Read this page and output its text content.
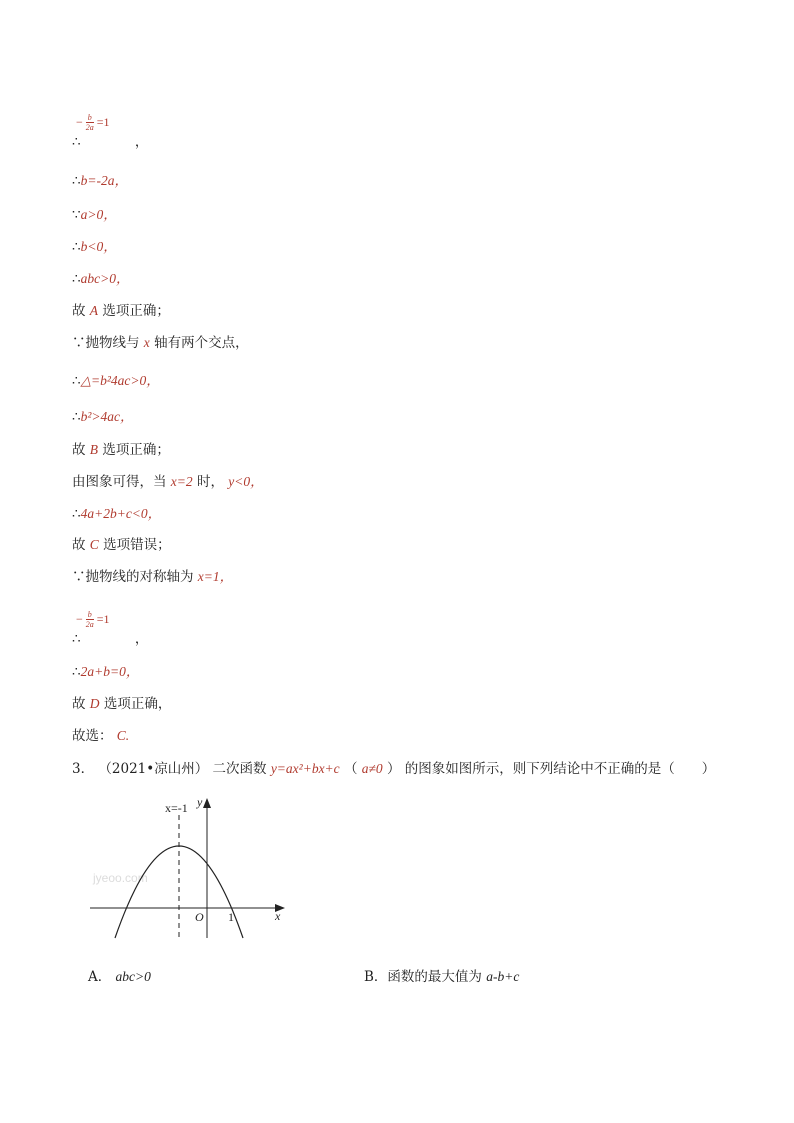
− $\frac{b}{2a} =1$
∴	，
∴b=-2a，
∵a>0，
∴b<0，
∴abc>0，
故 A 选项正确；
∵抛物线与 x 轴有两个交点，
∴△=b²4ac>0，
∴b²>4ac，
故 B 选项正确；
由图象可得，当 x=2 时， y<0，
∴4a+2b+c<0，
故 C 选项错误；
∵抛物线的对称轴为 x=1，
− $\frac{b}{2a} =1$
∴	，
∴2a+b=0，
故 D 选项正确，
故选： C.
3． （2021•凉山州） 二次函数 y=ax²+bx+c （ a≠0 ） 的图象如图所示，则下列结论中不正确的是（　　）
jyeoo.com
x=-1 y
x
O 1
A． abc>0	B．函数的最大值为 a-b+c
